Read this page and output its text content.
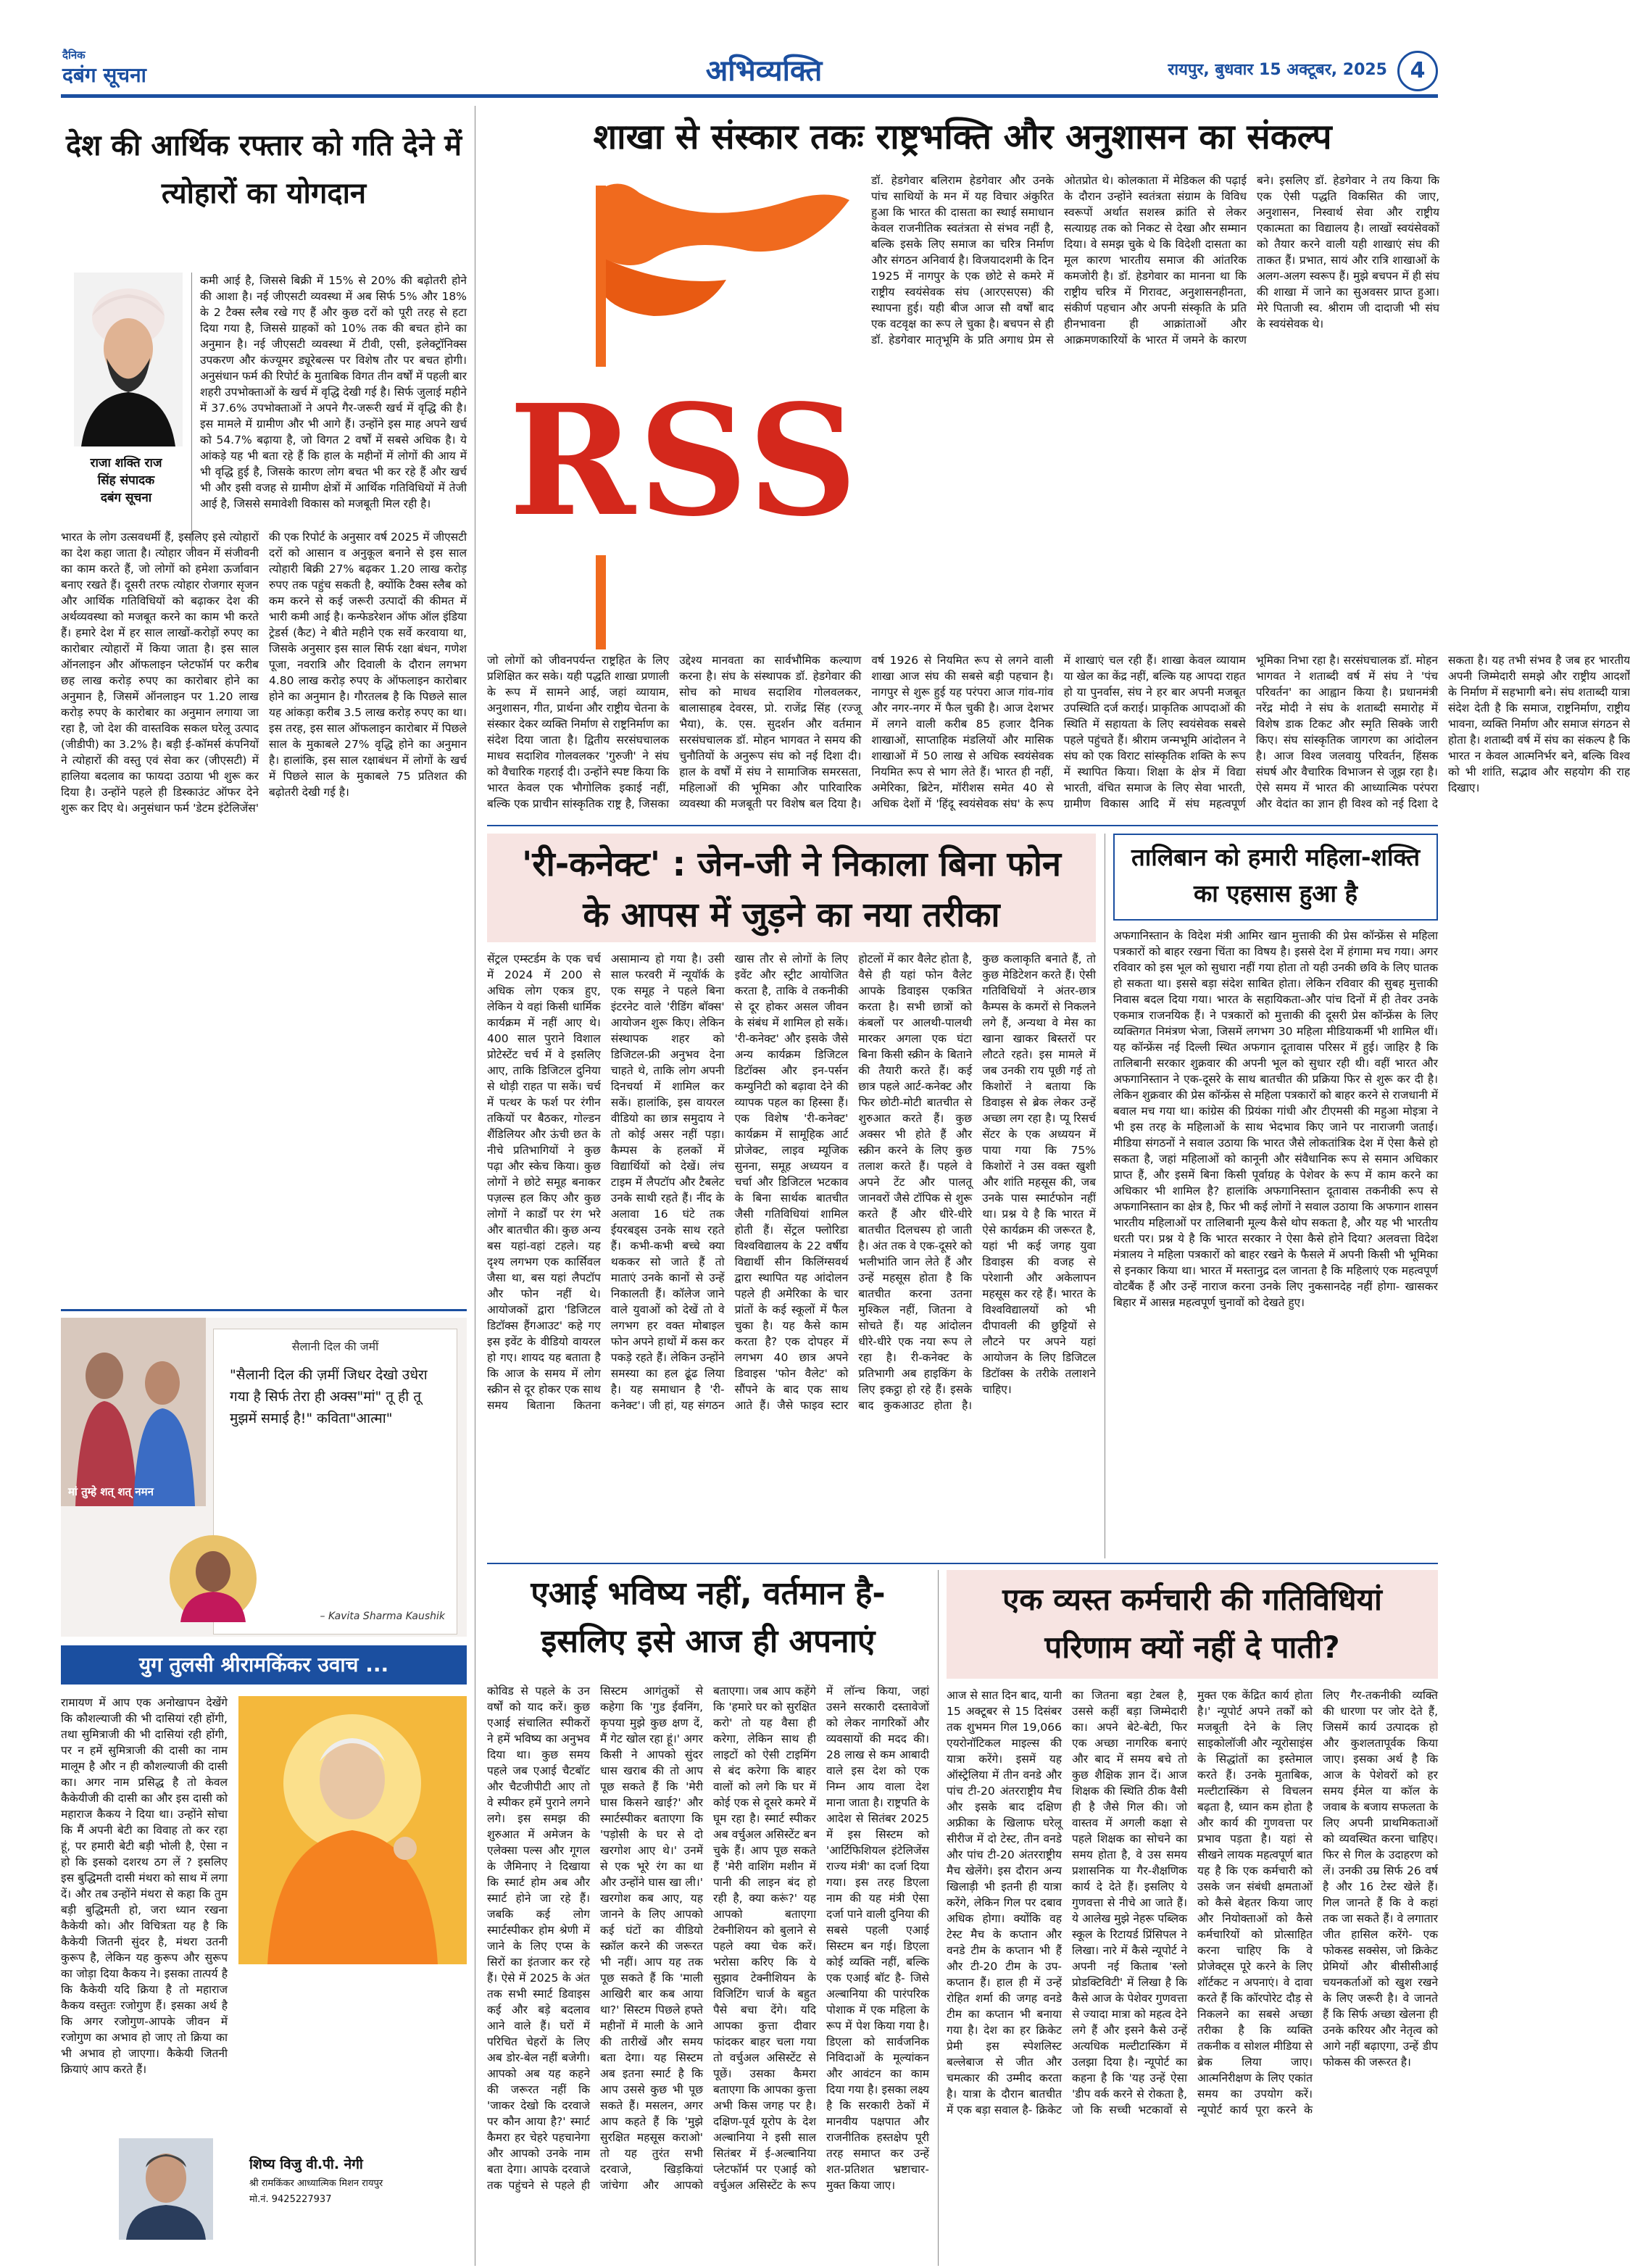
दैनिक
दबंग सूचना	अभिव्यक्ति	रायपुर, बुधवार 15 अक्टूबर, 2025	4
देश की आर्थिक रफ्तार को गति देने में त्योहारों का योगदान
राजा शक्ति राज
सिंह संपादक
दबंग सूचना
कमी आई है, जिससे बिक्री में 15% से 20% की बढ़ोतरी होने की आशा है। नई जीएसटी व्यवस्था में अब सिर्फ 5% और 18% के 2 टैक्स स्लैब रखे गए हैं और कुछ दरों को पूरी तरह से हटा दिया गया है, जिससे ग्राहकों को 10% तक की बचत होने का अनुमान है। नई जीएसटी व्यवस्था में टीवी, एसी, इलेक्ट्रॉनिक्स उपकरण और कंज्यूमर ड्यूरेबल्स पर विशेष तौर पर बचत होगी। अनुसंधान फर्म की रिपोर्ट के मुताबिक विगत तीन वर्षों में पहली बार शहरी उपभोक्ताओं के खर्च में वृद्धि देखी गई है। सिर्फ जुलाई महीने में 37.6% उपभोक्ताओं ने अपने गैर-जरूरी खर्च में वृद्धि की है। इस मामले में ग्रामीण और भी आगे हैं। उन्होंने इस माह अपने खर्च को 54.7% बढ़ाया है, जो विगत 2 वर्षों में सबसे अधिक है। ये आंकड़े यह भी बता रहे हैं कि हाल के महीनों में लोगों की आय में भी वृद्धि हुई है, जिसके कारण लोग बचत भी कर रहे हैं और खर्च भी और इसी वजह से ग्रामीण क्षेत्रों में आर्थिक गतिविधियों में तेजी आई है, जिससे समावेशी विकास को मजबूती मिल रही है।
भारत के लोग उत्सवधर्मी हैं, इसलिए इसे त्योहारों का देश कहा जाता है। त्योहार जीवन में संजीवनी का काम करते हैं, जो लोगों को हमेशा ऊर्जावान बनाए रखते हैं। दूसरी तरफ त्योहार रोजगार सृजन और आर्थिक गतिविधियों को बढ़ाकर देश की अर्थव्यवस्था को मजबूत करने का काम भी करते हैं। हमारे देश में हर साल लाखों-करोड़ों रुपए का कारोबार त्योहारों में किया जाता है। इस साल ऑनलाइन और ऑफलाइन प्लेटफॉर्म पर करीब छह लाख करोड़ रुपए का कारोबार होने का अनुमान है, जिसमें ऑनलाइन पर 1.20 लाख करोड़ रुपए के कारोबार का अनुमान लगाया जा रहा है, जो देश की वास्तविक सकल घरेलू उत्पाद (जीडीपी) का 3.2% है। बड़ी ई-कॉमर्स कंपनियों ने त्योहारों की वस्तु एवं सेवा कर (जीएसटी) में हालिया बदलाव का फायदा उठाया भी शुरू कर दिया है। उन्होंने पहले ही डिस्काउंट ऑफर देने शुरू कर दिए थे। अनुसंधान फर्म 'डेटम इंटेलिजेंस' की एक रिपोर्ट के अनुसार वर्ष 2025 में जीएसटी दरों को आसान व अनुकूल बनाने से इस साल त्योहारी बिक्री 27% बढ़कर 1.20 लाख करोड़ रुपए तक पहुंच सकती है, क्योंकि टैक्स स्लैब को कम करने से कई जरूरी उत्पादों की कीमत में भारी कमी आई है। कन्फेडरेशन ऑफ ऑल इंडिया ट्रेडर्स (कैट) ने बीते महीने एक सर्वे करवाया था, जिसके अनुसार इस साल सिर्फ रक्षा बंधन, गणेश पूजा, नवरात्रि और दिवाली के दौरान लगभग 4.80 लाख करोड़ रुपए के ऑफलाइन कारोबार होने का अनुमान है। गौरतलब है कि पिछले साल यह आंकड़ा करीब 3.5 लाख करोड़ रुपए का था। इस तरह, इस साल ऑफलाइन कारोबार में पिछले साल के मुकाबले 27% वृद्धि होने का अनुमान है। हालांकि, इस साल रक्षाबंधन में लोगों के खर्च में पिछले साल के मुकाबले 75 प्रतिशत की बढ़ोतरी देखी गई है।
मां तुम्हे शत् शत् नमन
सैलानी दिल की जमीं
"सैलानी दिल की ज़मीं जिधर देखो उधेरा गया है सिर्फ तेरा ही अक्स"मां" तू ही तू मुझमें समाई है!" कविता"आत्मा"
– Kavita Sharma Kaushik
युग तुलसी श्रीरामकिंकर उवाच ...
रामायण में आप एक अनोखापन देखेंगे कि कौशल्याजी की भी दासियां रही होंगी, तथा सुमित्राजी की भी दासियां रही होंगी, पर न हमें सुमित्राजी की दासी का नाम मालूम है और न ही कौशल्याजी की दासी का। अगर नाम प्रसिद्ध है तो केवल कैकेयीजी की दासी का और इस दासी को महाराज कैकय ने दिया था। उन्होंने सोचा कि मैं अपनी बेटी का विवाह तो कर रहा हूं, पर हमारी बेटी बड़ी भोली है, ऐसा न हो कि इसको दशरथ ठग लें ? इसलिए इस बुद्धिमती दासी मंथरा को साथ में लगा दें। और तब उन्होंने मंथरा से कहा कि तुम बड़ी बुद्धिमती हो, जरा ध्यान रखना कैकेयी को। और विचित्रता यह है कि कैकेयी जितनी सुंदर है, मंथरा उतनी कुरूप है, लेकिन यह कुरूप और सुरूप का जोड़ा दिया कैकय ने। इसका तात्पर्य है कि कैकेयी यदि क्रिया है तो महाराज कैकय वस्तुतः रजोगुण हैं। इसका अर्थ है कि अगर रजोगुण-आपके जीवन में रजोगुण का अभाव हो जाए तो क्रिया का भी अभाव हो जाएगा। कैकेयी जितनी क्रियाएं आप करते हैं।
शिष्य विजु वी.पी. नेगी
श्री रामकिंकर आध्यात्मिक मिशन रायपुर
मो.नं. 9425227937
शाखा से संस्कार तकः राष्ट्रभक्ति और अनुशासन का संकल्प
RSS
डॉ. हेडगेवार बलिराम हेडगेवार और उनके पांच साथियों के मन में यह विचार अंकुरित हुआ कि भारत की दासता का स्थाई समाधान केवल राजनीतिक स्वतंत्रता से संभव नहीं है, बल्कि इसके लिए समाज का चरित्र निर्माण और संगठन अनिवार्य है। विजयादशमी के दिन 1925 में नागपुर के एक छोटे से कमरे में राष्ट्रीय स्वयंसेवक संघ (आरएसएस) की स्थापना हुई। यही बीज आज सौ वर्षों बाद एक वटवृक्ष का रूप ले चुका है। बचपन से ही डॉ. हेडगेवार मातृभूमि के प्रति अगाध प्रेम से ओतप्रोत थे। कोलकाता में मेडिकल की पढ़ाई के दौरान उन्होंने स्वतंत्रता संग्राम के विविध स्वरूपों अर्थात सशस्त्र क्रांति से लेकर सत्याग्रह तक को निकट से देखा और सम्मान दिया। वे समझ चुके थे कि विदेशी दासता का मूल कारण भारतीय समाज की आंतरिक कमजोरी है। डॉ. हेडगेवार का मानना था कि राष्ट्रीय चरित्र में गिरावट, अनुशासनहीनता, संकीर्ण पहचान और अपनी संस्कृति के प्रति हीनभावना ही आक्रांताओं और आक्रमणकारियों के भारत में जमने के कारण बने। इसलिए डॉ. हेडगेवार ने तय किया कि एक ऐसी पद्धति विकसित की जाए, अनुशासन, निस्वार्थ सेवा और राष्ट्रीय एकात्मता का विद्यालय है। लाखों स्वयंसेवकों को तैयार करने वाली यही शाखाएं संघ की ताकत हैं। प्रभात, सायं और रात्रि शाखाओं के अलग-अलग स्वरूप हैं। मुझे बचपन में ही संघ की शाखा में जाने का सुअवसर प्राप्त हुआ। मेरे पिताजी स्व. श्रीराम जी दादाजी भी संघ के स्वयंसेवक थे।
जो लोगों को जीवनपर्यन्त राष्ट्रहित के लिए प्रशिक्षित कर सके। यही पद्धति शाखा प्रणाली के रूप में सामने आई, जहां व्यायाम, अनुशासन, गीत, प्रार्थना और राष्ट्रीय चेतना के संस्कार देकर व्यक्ति निर्माण से राष्ट्रनिर्माण का संदेश दिया जाता है। द्वितीय सरसंघचालक माधव सदाशिव गोलवलकर 'गुरुजी' ने संघ को वैचारिक गहराई दी। उन्होंने स्पष्ट किया कि भारत केवल एक भौगोलिक इकाई नहीं, बल्कि एक प्राचीन सांस्कृतिक राष्ट्र है, जिसका उद्देश्य मानवता का सार्वभौमिक कल्याण करना है। संघ के संस्थापक डॉ. हेडगेवार की सोच को माधव सदाशिव गोलवलकर, बालासाहब देवरस, प्रो. राजेंद्र सिंह (रज्जू भैया), के. एस. सुदर्शन और वर्तमान सरसंघचालक डॉ. मोहन भागवत ने समय की चुनौतियों के अनुरूप संघ को नई दिशा दी। हाल के वर्षों में संघ ने सामाजिक समरसता, महिलाओं की भूमिका और पारिवारिक व्यवस्था की मजबूती पर विशेष बल दिया है। वर्ष 1926 से नियमित रूप से लगने वाली शाखा आज संघ की सबसे बड़ी पहचान है। नागपुर से शुरू हुई यह परंपरा आज गांव-गांव और नगर-नगर में फैल चुकी है। आज देशभर में लगने वाली करीब 85 हजार दैनिक शाखाओं, साप्ताहिक मंडलियों और मासिक शाखाओं में 50 लाख से अधिक स्वयंसेवक नियमित रूप से भाग लेते हैं। भारत ही नहीं, अमेरिका, ब्रिटेन, मॉरीशस समेत 40 से अधिक देशों में 'हिंदू स्वयंसेवक संघ' के रूप में शाखाएं चल रही हैं। शाखा केवल व्यायाम या खेल का केंद्र नहीं, बल्कि यह आपदा राहत हो या पुनर्वास, संघ ने हर बार अपनी मजबूत उपस्थिति दर्ज कराई। प्राकृतिक आपदाओं की स्थिति में सहायता के लिए स्वयंसेवक सबसे पहले पहुंचते हैं। श्रीराम जन्मभूमि आंदोलन ने संघ को एक विराट सांस्कृतिक शक्ति के रूप में स्थापित किया। शिक्षा के क्षेत्र में विद्या भारती, वंचित समाज के लिए सेवा भारती, ग्रामीण विकास आदि में संघ महत्वपूर्ण भूमिका निभा रहा है। सरसंघचालक डॉ. मोहन भागवत ने शताब्दी वर्ष में संघ ने 'पंच परिवर्तन' का आह्वान किया है। प्रधानमंत्री नरेंद्र मोदी ने संघ के शताब्दी समारोह में विशेष डाक टिकट और स्मृति सिक्के जारी किए। संघ सांस्कृतिक जागरण का आंदोलन है। आज विश्व जलवायु परिवर्तन, हिंसक संघर्ष और वैचारिक विभाजन से जूझ रहा है। ऐसे समय में भारत की आध्यात्मिक परंपरा और वेदांत का ज्ञान ही विश्व को नई दिशा दे सकता है। यह तभी संभव है जब हर भारतीय अपनी जिम्मेदारी समझे और राष्ट्रीय आदर्शों के निर्माण में सहभागी बने। संघ शताब्दी यात्रा संदेश देती है कि समाज, राष्ट्रनिर्माण, राष्ट्रीय भावना, व्यक्ति निर्माण और समाज संगठन से होता है। शताब्दी वर्ष में संघ का संकल्प है कि भारत न केवल आत्मनिर्भर बने, बल्कि विश्व को भी शांति, सद्भाव और सहयोग की राह दिखाए।
'री-कनेक्ट' : जेन-जी ने निकाला बिना फोन के आपस में जुड़ने का नया तरीका
सेंट्रल एम्स्टर्डम के एक चर्च में 2024 में 200 से अधिक लोग एकत्र हुए, लेकिन ये वहां किसी धार्मिक कार्यक्रम में नहीं आए थे। 400 साल पुराने विशाल प्रोटेस्टेंट चर्च में वे इसलिए आए, ताकि डिजिटल दुनिया से थोड़ी राहत पा सकें। चर्च में पत्थर के फर्श पर रंगीन तकियों पर बैठकर, गोल्डन शैंडिलियर और ऊंची छत के नीचे प्रतिभागियों ने कुछ पढ़ा और स्केच किया। कुछ लोगों ने छोटे समूह बनाकर पज़ल्स हल किए और कुछ लोगों ने कार्डों पर रंग भरे और बातचीत की। कुछ अन्य बस यहां-वहां टहले। यह दृश्य लगभग एक कार्सिवल जैसा था, बस यहां लैपटॉप और फोन नहीं थे। आयोजकों द्वारा 'डिजिटल डिटॉक्स हैंगआउट' कहे गए इस इवेंट के वीडियो वायरल हो गए। शायद यह बताता है कि आज के समय में लोग स्क्रीन से दूर होकर एक साथ समय बिताना कितना असामान्य हो गया है। उसी साल फरवरी में न्यूयॉर्क के एक समूह ने पहले बिना इंटरनेट वाले 'रीडिंग बॉक्स' आयोजन शुरू किए। लेकिन संस्थापक शहर को डिजिटल-फ्री अनुभव देना चाहते थे, ताकि लोग अपनी दिनचर्या में शामिल कर सकें। हालांकि, इस वायरल वीडियो का छात्र समुदाय ने तो कोई असर नहीं पड़ा। कैम्पस के हलकों में विद्यार्थियों को देखें। लंच टाइम में लैपटॉप और टैबलेट उनके साथी रहते हैं। नींद के अलावा 16 घंटे तक ईयरबड्स उनके साथ रहते हैं। कभी-कभी बच्चे क्या थककर सो जाते हैं तो माताएं उनके कानों से उन्हें निकालती हैं। कॉलेज जाने वाले युवाओं को देखें तो वे लगभग हर वक्त मोबाइल फोन अपने हाथों में कस कर पकड़े रहते हैं। लेकिन उन्होंने समस्या का हल ढूंढ लिया है। यह समाधान है 'री-कनेक्ट'। जी हां, यह संगठन खास तौर से लोगों के लिए इवेंट और स्ट्रीट आयोजित करता है, ताकि वे तकनीकी से दूर होकर असल जीवन के संबंध में शामिल हो सकें। 'री-कनेक्ट' और इसके जैसे अन्य कार्यक्रम डिजिटल डिटॉक्स और इन-पर्सन कम्युनिटी को बढ़ावा देने की व्यापक पहल का हिस्सा हैं। एक विशेष 'री-कनेक्ट' कार्यक्रम में सामूहिक आर्ट प्रोजेक्ट, लाइव म्यूजिक सुनना, समूह अध्ययन व चर्चा और डिजिटल भटकाव के बिना सार्थक बातचीत जैसी गतिविधियां शामिल होती हैं। सेंट्रल फ्लोरिडा विश्वविद्यालय के 22 वर्षीय विद्यार्थी सीन किलिंग्सवर्थ द्वारा स्थापित यह आंदोलन पहले ही अमेरिका के चार प्रांतों के कई स्कूलों में फैल चुका है। यह कैसे काम करता है? एक दोपहर में लगभग 40 छात्र अपने डिवाइस 'फोन वैलेट' को सौंपने के बाद एक साथ आते हैं। जैसे फाइव स्टार होटलों में कार वैलेट होता है, वैसे ही यहां फोन वैलेट आपके डिवाइस एकत्रित करता है। सभी छात्रों को कंबलों पर आलथी-पालथी मारकर अगला एक घंटा बिना किसी स्क्रीन के बिताने की तैयारी करते हैं। कई छात्र पहले आर्ट-कनेक्ट और फिर छोटी-मोटी बातचीत से शुरुआत करते हैं। कुछ अक्सर भी होते हैं और स्क्रीन करने के लिए कुछ तलाश करते हैं। पहले वे अपने टेंट और पालतू जानवरों जैसे टॉपिक से शुरू करते हैं और धीरे-धीरे बातचीत दिलचस्प हो जाती है। अंत तक वे एक-दूसरे को भलीभांति जान लेते हैं और उन्हें महसूस होता है कि बातचीत करना उतना मुश्किल नहीं, जितना वे सोचते हैं। यह आंदोलन धीरे-धीरे एक नया रूप ले रहा है। री-कनेक्ट के प्रतिभागी अब हाइकिंग के लिए इकट्ठा हो रहे हैं। इसके बाद कुकआउट होता है। कुछ कलाकृति बनाते हैं, तो कुछ मेडिटेशन करते हैं। ऐसी गतिविधियों ने अंतर-छात्र कैम्पस के कमरों से निकलने लगे हैं, अन्यथा वे मेस का खाना खाकर बिस्तरों पर लौटते रहते। इस मामले में जब उनकी राय पूछी गई तो किशोरों ने बताया कि डिवाइस से ब्रेक लेकर उन्हें अच्छा लग रहा है। प्यू रिसर्च सेंटर के एक अध्ययन में पाया गया कि 75% किशोरों ने उस वक्त खुशी और शांति महसूस की, जब उनके पास स्मार्टफोन नहीं था। प्रश्न ये है कि भारत में ऐसे कार्यक्रम की जरूरत है, यहां भी कई जगह युवा डिवाइस की वजह से परेशानी और अकेलापन महसूस कर रहे हैं। भारत के विश्वविद्यालयों को भी दीपावली की छुट्टियों से लौटने पर अपने यहां आयोजन के लिए डिजिटल डिटॉक्स के तरीके तलाशने चाहिए।
तालिबान को हमारी महिला-शक्ति का एहसास हुआ है
अफगानिस्तान के विदेश मंत्री आमिर खान मुत्ताकी की प्रेस कॉन्फ्रेंस से महिला पत्रकारों को बाहर रखना चिंता का विषय है। इससे देश में हंगामा मच गया। अगर रविवार को इस भूल को सुधारा नहीं गया होता तो यही उनकी छवि के लिए घातक हो सकता था। इससे बड़ा संदेश साबित होता। लेकिन रविवार की सुबह मुत्ताकी निवास बदल दिया गया। भारत के सहायिकता-और पांच दिनों में ही तेवर उनके एकमात्र राजनयिक हैं। ने पत्रकारों को मुत्ताकी की दूसरी प्रेस कॉन्फ्रेंस के लिए व्यक्तिगत निमंत्रण भेजा, जिसमें लगभग 30 महिला मीडियाकर्मी भी शामिल थीं। यह कॉन्फ्रेंस नई दिल्ली स्थित अफगान दूतावास परिसर में हुई। जाहिर है कि तालिबानी सरकार शुक्रवार की अपनी भूल को सुधार रही थी। वहीं भारत और अफगानिस्तान ने एक-दूसरे के साथ बातचीत की प्रक्रिया फिर से शुरू कर दी है। लेकिन शुक्रवार की प्रेस कॉन्फ्रेंस से महिला पत्रकारों को बाहर करने से राजधानी में बवाल मच गया था। कांग्रेस की प्रियंका गांधी और टीएमसी की महुआ मोइत्रा ने भी इस तरह के महिलाओं के साथ भेदभाव किए जाने पर नाराजगी जताई। मीडिया संगठनों ने सवाल उठाया कि भारत जैसे लोकतांत्रिक देश में ऐसा कैसे हो सकता है, जहां महिलाओं को कानूनी और संवैधानिक रूप से समान अधिकार प्राप्त हैं, और इसमें बिना किसी पूर्वाग्रह के पेशेवर के रूप में काम करने का अधिकार भी शामिल है? हालांकि अफगानिस्तान दूतावास तकनीकी रूप से अफगानिस्तान का क्षेत्र है, फिर भी कई लोगों ने सवाल उठाया कि अफगान शासन भारतीय महिलाओं पर तालिबानी मूल्य कैसे थोप सकता है, और यह भी भारतीय धरती पर। प्रश्न ये है कि भारत सरकार ने ऐसा कैसे होने दिया? अलवत्ता विदेश मंत्रालय ने महिला पत्रकारों को बाहर रखने के फैसले में अपनी किसी भी भूमिका से इनकार किया था। भारत में मस्तानुद्र दल जानता है कि महिलाएं एक महत्वपूर्ण वोटबैंक हैं और उन्हें नाराज करना उनके लिए नुकसानदेह नहीं होगा- खासकर बिहार में आसन्न महत्वपूर्ण चुनावों को देखते हुए।
एआई भविष्य नहीं, वर्तमान है- इसलिए इसे आज ही अपनाएं
कोविड से पहले के उन वर्षों को याद करें। कुछ एआई संचालित स्पीकरों ने हमें भविष्य का अनुभव दिया था। कुछ समय पहले जब एआई चैटबॉट और चैटजीपीटी आए तो वे स्पीकर हमें पुराने लगने लगे। इस समझ की शुरुआत में अमेजन के एलेक्सा पल्स और गूगल के जैमिनाए ने दिखाया कि स्मार्ट होम अब और स्मार्ट होने जा रहे हैं। जबकि कई लोग स्मार्टस्पीकर होम श्रेणी में जाने के लिए एप्स के सिरों का इंतजार कर रहे हैं। ऐसे में 2025 के अंत तक सभी स्मार्ट डिवाइस कई और बड़े बदलाव आने वाले हैं। घरों में परिचित चेहरों के लिए अब डोर-बेल नहीं बजेगी। आपको अब यह कहने की जरूरत नहीं कि 'जाकर देखो कि दरवाजे पर कौन आया है?' स्मार्ट कैमरा हर चेहरे पहचानेगा और आपको उनके नाम बता देगा। आपके दरवाजे तक पहुंचने से पहले ही सिस्टम आगंतुकों से कहेगा कि 'गुड ईवनिंग, कृपया मुझे कुछ क्षण दें, मैं गेट खोल रहा हूं।' अगर किसी ने आपको सुंदर धास खराब की तो आप पूछ सकते हैं कि 'मेरी घास किसने खाई?' और स्मार्टस्पीकर बताएगा कि 'पड़ोसी के घर से दो खरगोश आए थे।' उनमें से एक भूरे रंग का था और उन्होंने घास खा ली।' खरगोश कब आए, यह जानने के लिए आपको कई घंटों का वीडियो स्क्रॉल करने की जरूरत भी नहीं। आप यह तक पूछ सकते हैं कि 'माली आखिरी बार कब आया था?' सिस्टम पिछले हफ्ते महीनों में माली के आने की तारीखें और समय बता देगा। यह सिस्टम अब इतना स्मार्ट है कि आप उससे कुछ भी पूछ सकते हैं। मसलन, अगर आप कहते हैं कि 'मुझे सुरक्षित महसूस कराओ' तो यह तुरंत सभी दरवाजे, खिड़कियां जांचेगा और आपको बताएगा। जब आप कहेंगे कि 'हमारे घर को सुरक्षित करो' तो यह वैसा ही करेगा, लेकिन साथ ही लाइटों को ऐसी टाइमिंग से बंद करेगा कि बाहर वालों को लगे कि घर में कोई एक से दूसरे कमरे में घूम रहा है। स्मार्ट स्पीकर अब वर्चुअल असिस्टेंट बन चुके हैं। आप पूछ सकते हैं 'मेरी वाशिंग मशीन में पानी की लाइन बंद हो रही है, क्या करूं?' यह आपको बताएगा टेक्नीशियन को बुलाने से पहले क्या चेक करें। भरोसा करिए कि ये सुझाव टेक्नीशियन के विजिटिंग चार्ज के बहुत पैसे बचा देंगे। यदि आपका कुत्ता दीवार फांदकर बाहर चला गया तो वर्चुअल असिस्टेंट से पूछें। उसका कैमरा बताएगा कि आपका कुत्ता अभी किस जगह पर है। दक्षिण-पूर्व यूरोप के देश अल्बानिया ने इसी साल सितंबर में ई-अल्बानिया प्लेटफॉर्म पर एआई को वर्चुअल असिस्टेंट के रूप में लॉन्च किया, जहां उसने सरकारी दस्तावेजों को लेकर नागरिकों और व्यवसायों की मदद की। 28 लाख से कम आबादी वाले इस देश को एक निम्न आय वाला देश माना जाता है। राष्ट्रपति के आदेश से सितंबर 2025 में इस सिस्टम को 'आर्टिफिशियल इंटेलिजेंस राज्य मंत्री' का दर्जा दिया गया। इस तरह डिएला नाम की यह मंत्री ऐसा दर्जा पाने वाली दुनिया की सबसे पहली एआई सिस्टम बन गई। डिएला कोई व्यक्ति नहीं, बल्कि एक एआई बॉट है- जिसे अल्बानिया की पारंपरिक पोशाक में एक महिला के रूप में पेश किया गया है। डिएला को सार्वजनिक निविदाओं के मूल्यांकन और आवंटन का काम दिया गया है। इसका लक्ष्य है कि सरकारी ठेकों में मानवीय पक्षपात और राजनीतिक हस्तक्षेप पूरी तरह समाप्त कर उन्हें शत-प्रतिशत भ्रष्टाचार-मुक्त किया जाए।
एक व्यस्त कर्मचारी की गतिविधियां परिणाम क्यों नहीं दे पाती?
आज से सात दिन बाद, यानी 15 अक्टूबर से 15 दिसंबर तक शुभमन गिल 19,066 एयरोनॉटिकल माइल्स की यात्रा करेंगे। इसमें यह ऑस्ट्रेलिया में तीन वनडे और पांच टी-20 अंतरराष्ट्रीय मैच और इसके बाद दक्षिण अफ्रीका के खिलाफ घरेलू सीरीज में दो टेस्ट, तीन वनडे और पांच टी-20 अंतरराष्ट्रीय मैच खेलेंगे। इस दौरान अन्य खिलाड़ी भी इतनी ही यात्रा करेंगे, लेकिन गिल पर दबाव अधिक होगा। क्योंकि वह टेस्ट मैच के कप्तान और वनडे टीम के कप्तान भी हैं और टी-20 टीम के उप-कप्तान हैं। हाल ही में उन्हें रोहित शर्मा की जगह वनडे टीम का कप्तान भी बनाया गया है। देश का हर क्रिकेट प्रेमी इस स्पेशलिस्ट बल्लेबाज से जीत और चमत्कार की उम्मीद करता है। यात्रा के दौरान बातचीत में एक बड़ा सवाल है- क्रिकेट का जितना बड़ा टेबल है, उससे कहीं बड़ा जिम्मेदारी का। अपने बेटे-बेटी, फिर एक अच्छा नागरिक बनाएं और बाद में समय बचे तो कुछ शैक्षिक ज्ञान दें। आज शिक्षक की स्थिति ठीक वैसी ही है जैसे गिल की। जो वास्तव में अगली कक्षा से पहले शिक्षक का सोचने का समय होता है, वे उस समय प्रशासनिक या गैर-शैक्षणिक कार्य दे देते हैं। इसलिए ये गुणवत्ता से नीचे आ जाते हैं। ये आलेख मुझे नेहरू पब्लिक स्कूल के रिटायर्ड प्रिंसिपल ने लिखा। नारे में कैसे न्यूपोर्ट ने अपनी नई किताब 'स्लो प्रोडक्टिविटी' में लिखा है कि कैसे आज के पेशेवर गुणवत्ता से ज्यादा मात्रा को महत्व देने लगे हैं और इसने कैसे उन्हें अत्यधिक मल्टीटास्किंग में उलझा दिया है। न्यूपोर्ट का कहना है कि 'यह उन्हें ऐसा 'डीप वर्क करने से रोकता है, जो कि सच्ची भटकावों से मुक्त एक केंद्रित कार्य होता है।' न्यूपोर्ट अपने तर्कों को मजबूती देने के लिए साइकोलॉजी और न्यूरोसाइंस के सिद्धांतों का इस्तेमाल करते हैं। उनके मुताबिक, मल्टीटास्किंग से विचलन बढ़ता है, ध्यान कम होता है और कार्य की गुणवत्ता पर प्रभाव पड़ता है। यहां से सीखने लायक महत्वपूर्ण बात यह है कि एक कर्मचारी को उसके जन संबंधी क्षमताओं को कैसे बेहतर किया जाए और नियोक्ताओं को कैसे कर्मचारियों को प्रोत्साहित करना चाहिए कि वे प्रोजेक्ट्स पूरे करने के लिए शॉर्टकट न अपनाएं। वे दावा करते हैं कि कॉरपोरेट दौड़ से निकलने का सबसे अच्छा तरीका है कि व्यक्ति तकनीक व सोशल मीडिया से ब्रेक लिया जाए। आत्मनिरीक्षण के लिए एकांत समय का उपयोग करें। न्यूपोर्ट कार्य पूरा करने के लिए गैर-तकनीकी व्यक्ति की धारणा पर जोर देते हैं, जिसमें कार्य उत्पादक हो और कुशलतापूर्वक किया जाए। इसका अर्थ है कि आज के पेशेवरों को हर समय ईमेल या कॉल के जवाब के बजाय सफलता के लिए अपनी प्राथमिकताओं को व्यवस्थित करना चाहिए। फिर से गिल के उदाहरण को लें। उनकी उम्र सिर्फ 26 वर्ष है और 16 टेस्ट खेले हैं। गिल जानते हैं कि वे कहां तक जा सकते हैं। वे लगातार जीत हासिल करेंगे- एक फोकस्ड सक्सेस, जो क्रिकेट प्रेमियों और बीसीसीआई चयनकर्ताओं को खुश रखने के लिए जरूरी है। वे जानते हैं कि सिर्फ अच्छा खेलना ही उनके करियर और नेतृत्व को आगे नहीं बढ़ाएगा, उन्हें डीप फोकस की जरूरत है।
